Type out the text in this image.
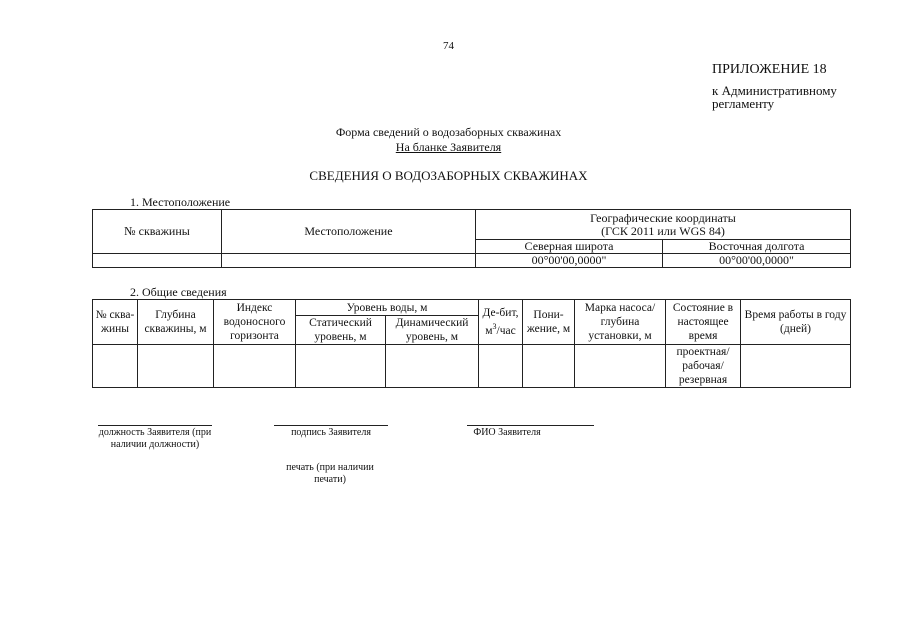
74
ПРИЛОЖЕНИЕ 18
к Административному регламенту
Форма сведений о водозаборных скважинах
На бланке Заявителя
СВЕДЕНИЯ О ВОДОЗАБОРНЫХ СКВАЖИНАХ
1. Местоположение
№ скважины	Местоположение	Географические координаты
(ГСК 2011 или WGS 84)	
		Северная широта	Восточная долгота
		00°00'00,0000"	00°00'00,0000"
2. Общие сведения
№ сква-жины	Глубина скважины, м	Индекс водоносного горизонта	Уровень воды, м		Де-бит, $м^3$/час	Пони-жение, м	Марка насоса/глубина установки, м	Состояние в настоящее время	Время работы в году (дней)
			Статический уровень, м	Динамический уровень, м					
								проектная/ рабочая/ резервная	
должность Заявителя (при наличии должности)
подпись Заявителя	ФИО Заявителя
печать (при наличии печати)
